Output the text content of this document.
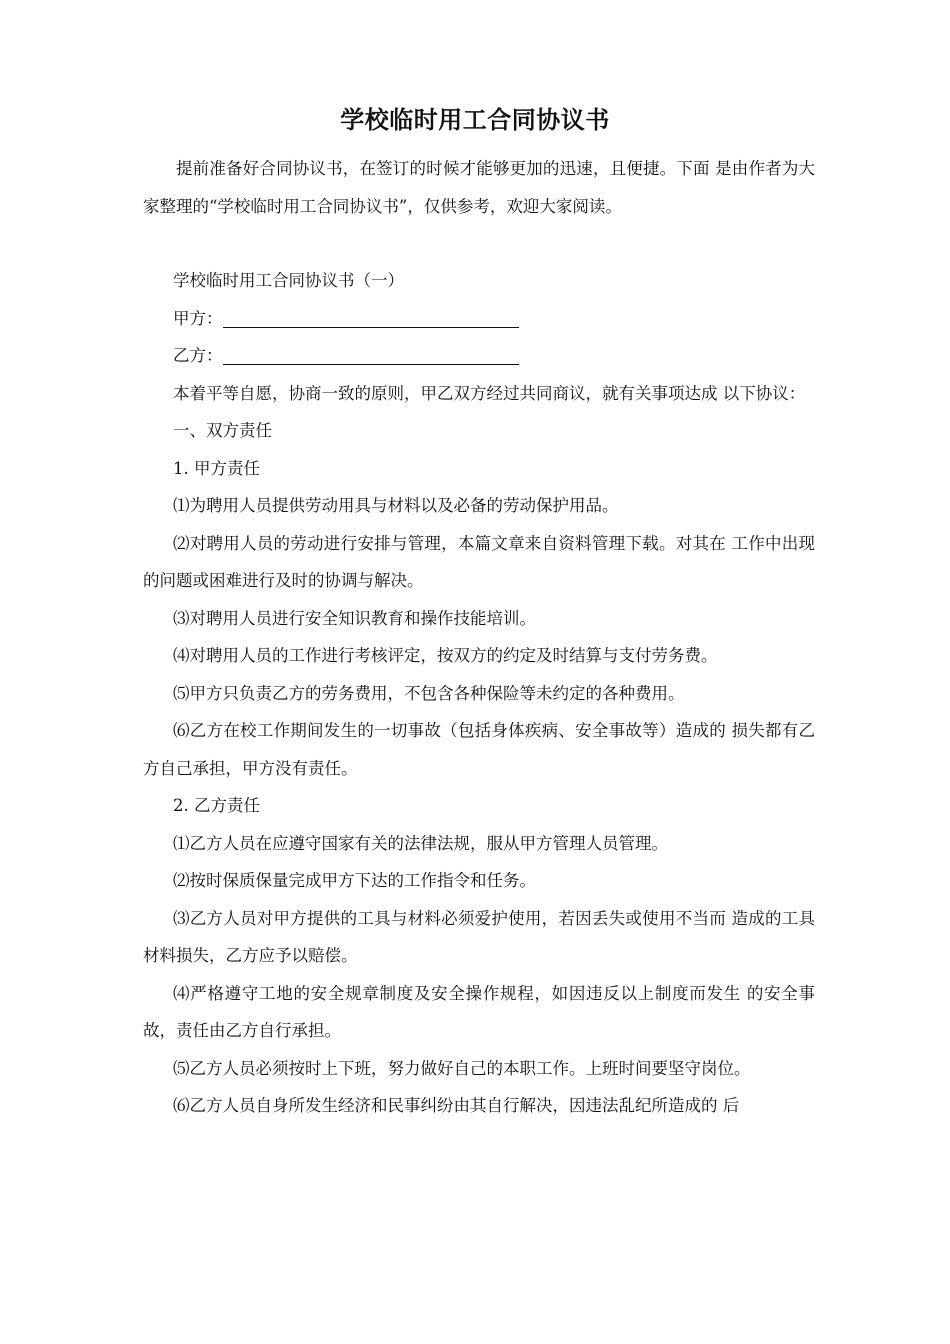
学校临时用工合同协议书
提前准备好合同协议书，在签订的时候才能够更加的迅速，且便捷。下面 是由作者为大家整理的“学校临时用工合同协议书”，仅供参考，欢迎大家阅读。

学校临时用工合同协议书（一）

甲方：

乙方：

本着平等自愿，协商一致的原则，甲乙双方经过共同商议，就有关事项达成 以下协议：

一、双方责任

1. 甲方责任

⑴为聘用人员提供劳动用具与材料以及必备的劳动保护用品。

⑵对聘用人员的劳动进行安排与管理，本篇文章来自资料管理下载。对其在 工作中出现的问题或困难进行及时的协调与解决。

⑶对聘用人员进行安全知识教育和操作技能培训。

⑷对聘用人员的工作进行考核评定，按双方的约定及时结算与支付劳务费。

⑸甲方只负责乙方的劳务费用，不包含各种保险等未约定的各种费用。

⑹乙方在校工作期间发生的一切事故（包括身体疾病、安全事故等）造成的 损失都有乙方自己承担，甲方没有责任。

2. 乙方责任

⑴乙方人员在应遵守国家有关的法律法规，服从甲方管理人员管理。

⑵按时保质保量完成甲方下达的工作指令和任务。

⑶乙方人员对甲方提供的工具与材料必须爱护使用，若因丢失或使用不当而 造成的工具材料损失，乙方应予以赔偿。

⑷严格遵守工地的安全规章制度及安全操作规程，如因违反以上制度而发生 的安全事故，责任由乙方自行承担。

⑸乙方人员必须按时上下班，努力做好自己的本职工作。上班时间要坚守岗位。

⑹乙方人员自身所发生经济和民事纠纷由其自行解决，因违法乱纪所造成的 后
